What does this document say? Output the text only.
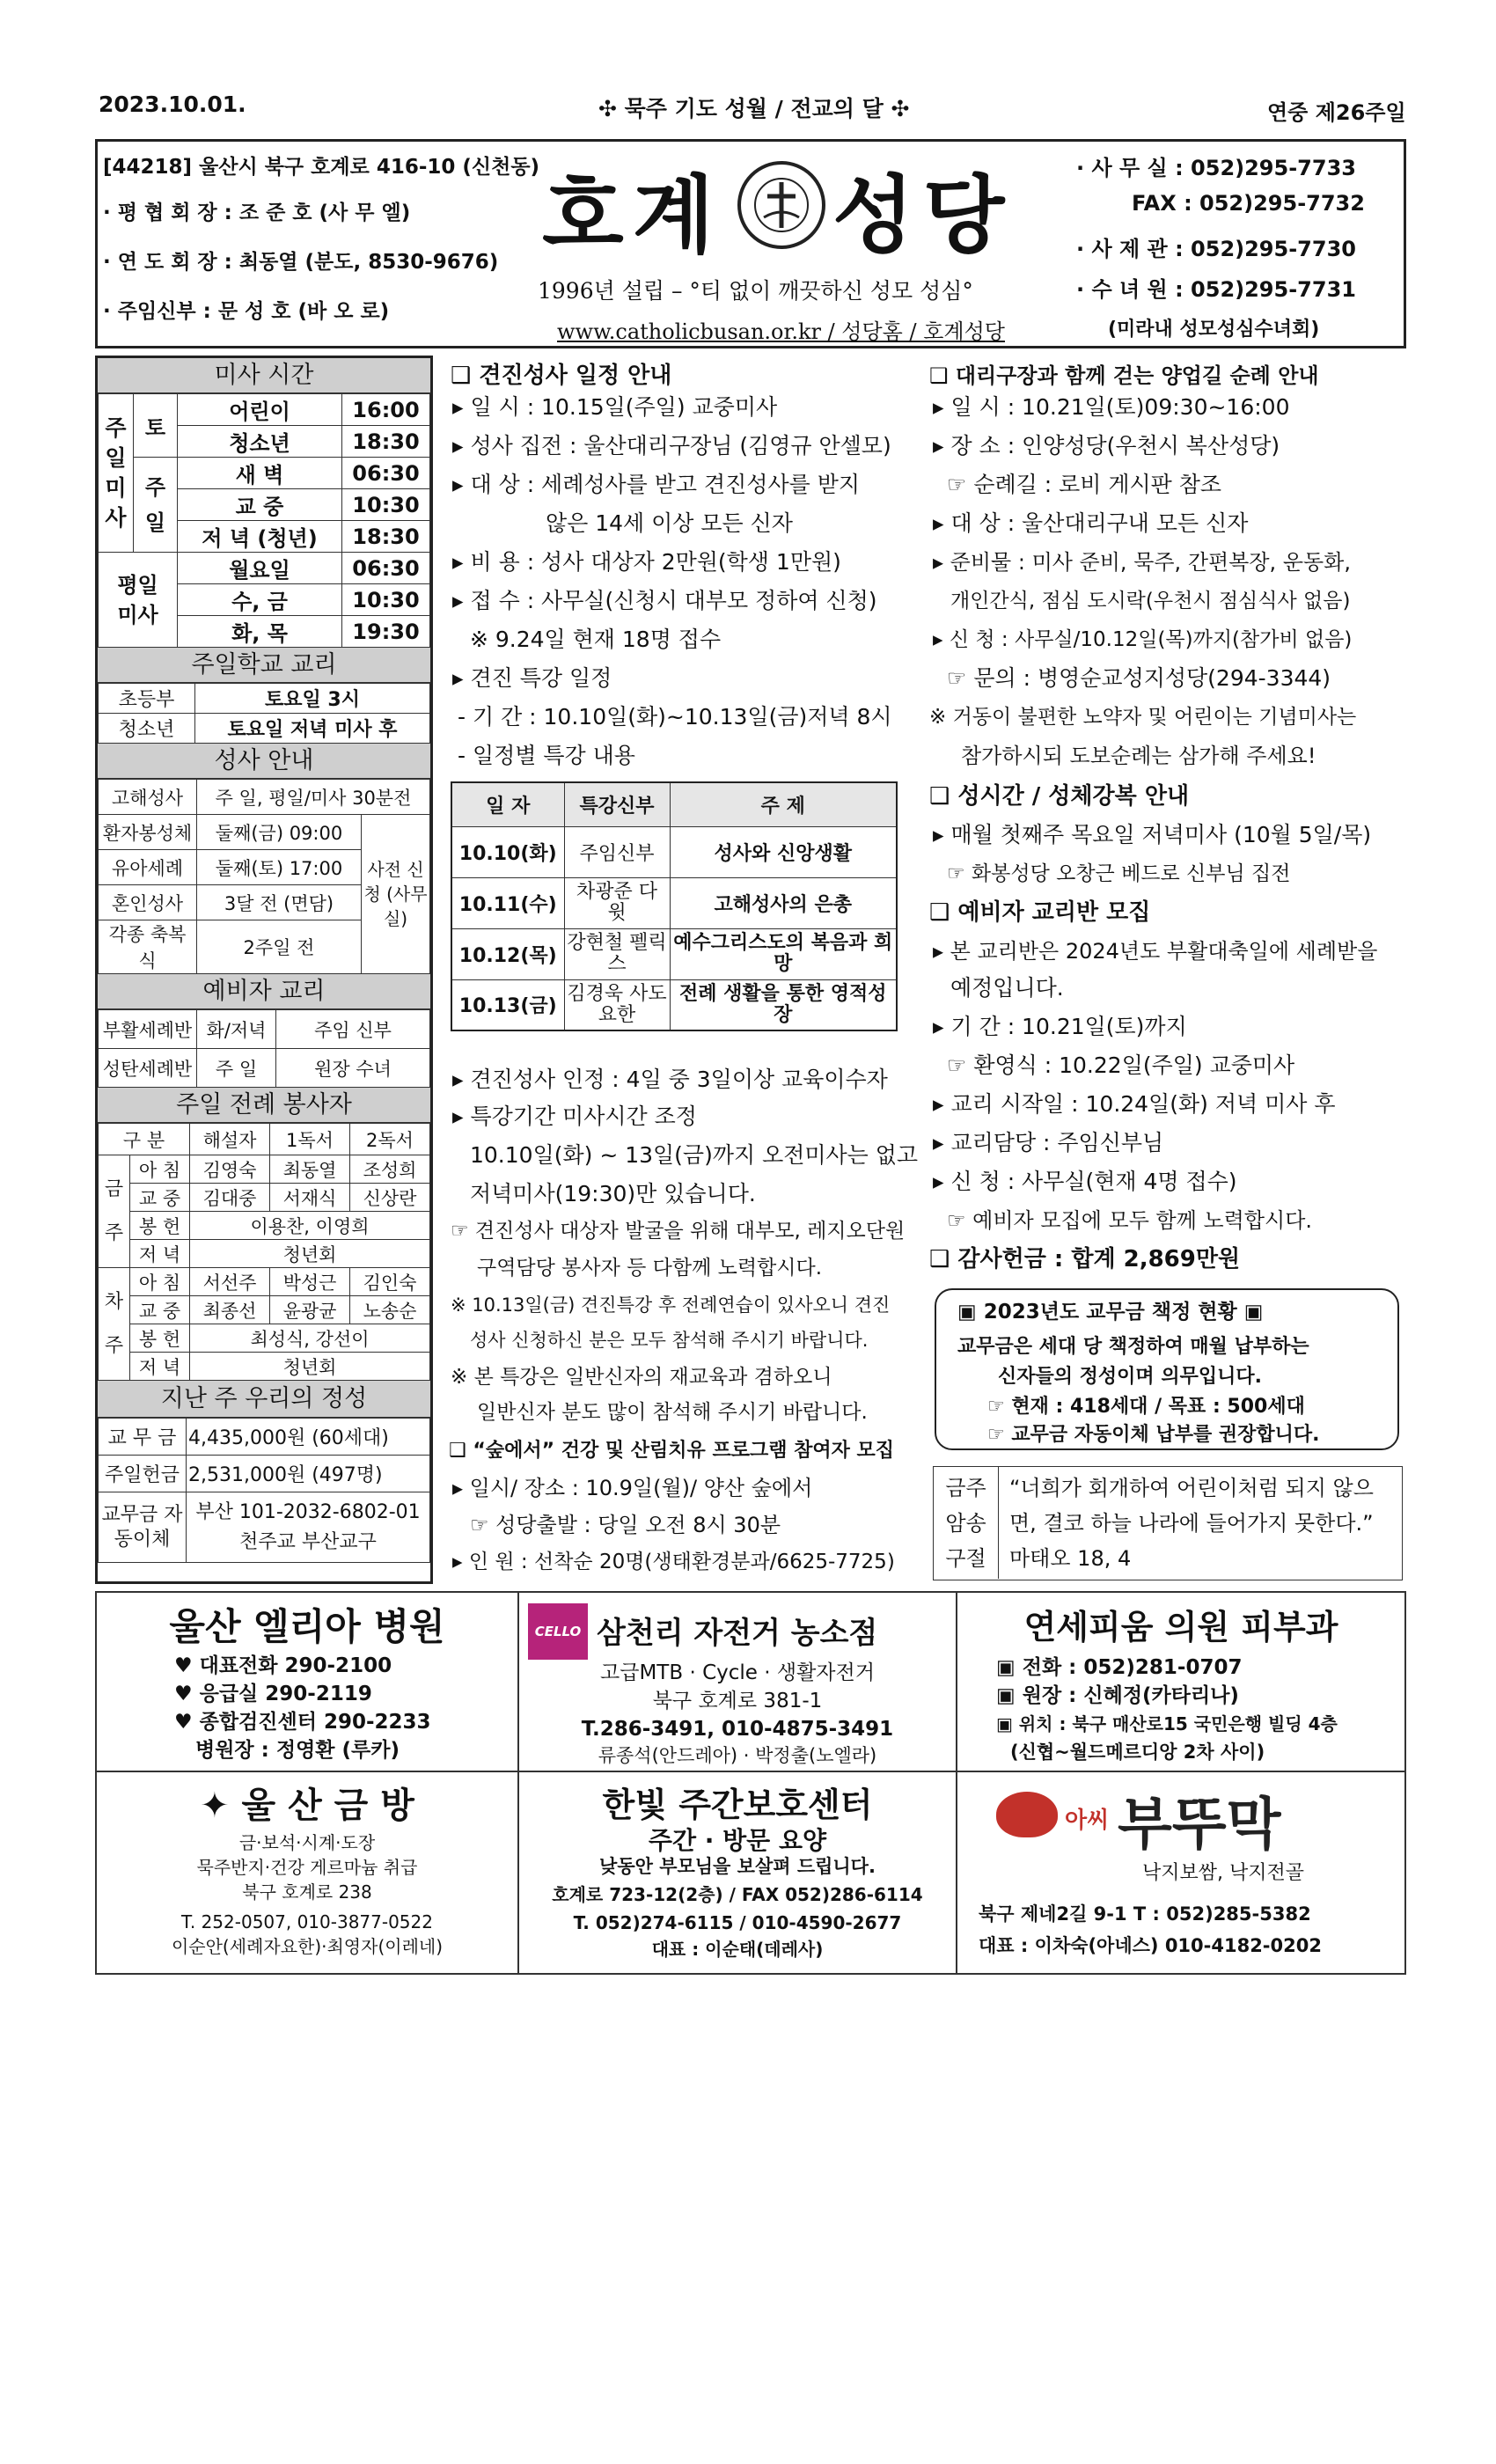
2023.10.01.	✣ 묵주 기도 성월 / 전교의 달 ✣	연중 제26주일
[44218] 울산시 북구 호계로 416-10 (신천동)
· 평 협 회 장 : 조 준 호 (사 무 엘)
· 연 도 회 장 : 최동열 (분도, 8530-9676)
· 주임신부 : 문 성 호 (바 오 로)
호계 성당
1996년 설립 – °티 없이 깨끗하신 성모 성심°
www.catholicbusan.or.kr / 성당홈 / 호계성당
· 사 무 실 : 052)295-7733
FAX : 052)295-7732
· 사 제 관 : 052)295-7730
· 수 녀 원 : 052)295-7731
(미라내 성모성심수녀회)
미사 시간
주
일
미
사	토	어린이	16:00
		청소년	18:30
	주
일	새 벽	06:30
		교 중	10:30
		저 녁 (청년)	18:30
평일
미사		월요일	06:30
		수, 금	10:30
		화, 목	19:30
주일학교 교리
초등부	토요일 3시
청소년	토요일 저녁 미사 후
성사 안내
고해성사	주 일, 평일/미사 30분전	
환자봉성체	둘째(금) 09:00	사전 신청 (사무실)
유아세례	둘째(토) 17:00	
혼인성사	3달 전 (면담)	
각종 축복식	2주일 전	
예비자 교리
부활세례반	화/저녁	주임 신부
성탄세례반	주 일	원장 수녀
주일 전례 봉사자
구 분		해설자	1독서	2독서
금
주	아 침	김영숙	최동열	조성희
	교 중	김대중	서재식	신상란
	봉 헌	이용찬, 이영희		
	저 녁	청년회		
차
주	아 침	서선주	박성근	김인숙
	교 중	최종선	윤광균	노송순
	봉 헌	최성식, 강선이		
	저 녁	청년회		
지난 주 우리의 정성
교 무 금	4,435,000원 (60세대)
주일헌금	2,531,000원 (497명)
교무금 자동이체	부산 101-2032-6802-01
천주교 부산교구
❑ 견진성사 일정 안내
▸ 일 시 : 10.15일(주일) 교중미사
▸ 성사 집전 : 울산대리구장님 (김영규 안셀모)
▸ 대 상 : 세례성사를 받고 견진성사를 받지
않은 14세 이상 모든 신자
▸ 비 용 : 성사 대상자 2만원(학생 1만원)
▸ 접 수 : 사무실(신청시 대부모 정하여 신청)
※ 9.24일 현재 18명 접수
▸ 견진 특강 일정
- 기 간 : 10.10일(화)~10.13일(금)저녁 8시
- 일정별 특강 내용
일 자	특강신부	주 제
10.10(화)	주임신부	성사와 신앙생활
10.11(수)	차광준 다 윗	고해성사의 은총
10.12(목)	강현철 펠릭스	예수그리스도의 복음과 희망
10.13(금)	김경욱 사도요한	전례 생활을 통한 영적성장
▸ 견진성사 인정 : 4일 중 3일이상 교육이수자
▸ 특강기간 미사시간 조정
10.10일(화) ~ 13일(금)까지 오전미사는 없고
저녁미사(19:30)만 있습니다.
☞ 견진성사 대상자 발굴을 위해 대부모, 레지오단원
구역담당 봉사자 등 다함께 노력합시다.
※ 10.13일(금) 견진특강 후 전례연습이 있사오니 견진
성사 신청하신 분은 모두 참석해 주시기 바랍니다.
※ 본 특강은 일반신자의 재교육과 겸하오니
일반신자 분도 많이 참석해 주시기 바랍니다.
❑ “숲에서” 건강 및 산림치유 프로그램 참여자 모집
▸ 일시/ 장소 : 10.9일(월)/ 양산 숲에서
☞ 성당출발 : 당일 오전 8시 30분
▸ 인 원 : 선착순 20명(생태환경분과/6625-7725)
❑ 대리구장과 함께 걷는 양업길 순례 안내
▸ 일 시 : 10.21일(토)09:30~16:00
▸ 장 소 : 인양성당(우천시 복산성당)
☞ 순례길 : 로비 게시판 참조
▸ 대 상 : 울산대리구내 모든 신자
▸ 준비물 : 미사 준비, 묵주, 간편복장, 운동화,
개인간식, 점심 도시락(우천시 점심식사 없음)
▸ 신 청 : 사무실/10.12일(목)까지(참가비 없음)
☞ 문의 : 병영순교성지성당(294-3344)
※ 거동이 불편한 노약자 및 어린이는 기념미사는
참가하시되 도보순례는 삼가해 주세요!
❑ 성시간 / 성체강복 안내
▸ 매월 첫째주 목요일 저녁미사 (10월 5일/목)
☞ 화봉성당 오창근 베드로 신부님 집전
❑ 예비자 교리반 모집
▸ 본 교리반은 2024년도 부활대축일에 세례받을
예정입니다.
▸ 기 간 : 10.21일(토)까지
☞ 환영식 : 10.22일(주일) 교중미사
▸ 교리 시작일 : 10.24일(화) 저녁 미사 후
▸ 교리담당 : 주임신부님
▸ 신 청 : 사무실(현재 4명 접수)
☞ 예비자 모집에 모두 함께 노력합시다.
❑ 감사헌금 : 합계 2,869만원
▣ 2023년도 교무금 책정 현황 ▣
교무금은 세대 당 책정하여 매월 납부하는
신자들의 정성이며 의무입니다.
☞ 현재 : 418세대 / 목표 : 500세대
☞ 교무금 자동이체 납부를 권장합니다.
금주 암송 구절
“너희가 회개하여 어린이처럼 되지 않으면, 결코 하늘 나라에 들어가지 못한다.” 마태오 18, 4
울산 엘리아 병원
♥ 대표전화 290-2100
♥ 응급실 290-2119
♥ 종합검진센터 290-2233
병원장 : 정영환 (루카)
CELLO 삼천리 자전거 농소점
고급MTB · Cycle · 생활자전거
북구 호계로 381-1
T.286-3491, 010-4875-3491
류종석(안드레아) · 박정출(노엘라)
연세피움 의원 피부과
▣ 전화 : 052)281-0707
▣ 원장 : 신혜정(카타리나)
▣ 위치 : 북구 매산로15 국민은행 빌딩 4층
(신협~월드메르디앙 2차 사이)
✦ 울 산 금 방
금·보석·시계·도장
묵주반지·건강 게르마늄 취급
북구 호계로 238
T. 252-0507, 010-3877-0522
이순안(세례자요한)·최영자(이레네)
한빛 주간보호센터
주간 · 방문 요양
낮동안 부모님을 보살펴 드립니다.
호계로 723-12(2층) / FAX 052)286-6114
T. 052)274-6115 / 010-4590-2677
대표 : 이순태(데레사)
아씨 부뚜막
낙지보쌈, 낙지전골
북구 제네2길 9-1 T : 052)285-5382
대표 : 이차숙(아네스) 010-4182-0202
